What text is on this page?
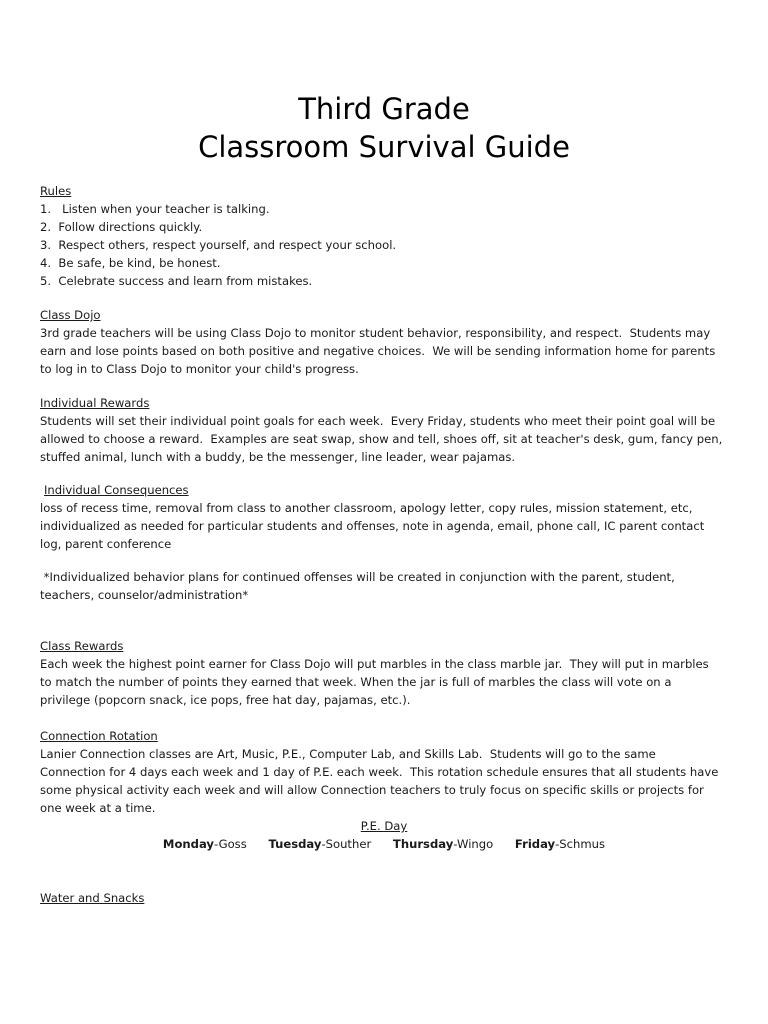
Third Grade
Classroom Survival Guide

Rules

1.   Listen when your teacher is talking.

2.  Follow directions quickly.

3.  Respect others, respect yourself, and respect your school.

4.  Be safe, be kind, be honest.

5.  Celebrate success and learn from mistakes.

Class Dojo

3rd grade teachers will be using Class Dojo to monitor student behavior, responsibility, and respect.  Students may

earn and lose points based on both positive and negative choices.  We will be sending information home for parents

to log in to Class Dojo to monitor your child's progress.

Individual Rewards

Students will set their individual point goals for each week.  Every Friday, students who meet their point goal will be

allowed to choose a reward.  Examples are seat swap, show and tell, shoes off, sit at teacher's desk, gum, fancy pen,

stuffed animal, lunch with a buddy, be the messenger, line leader, wear pajamas.

Individual Consequences

loss of recess time, removal from class to another classroom, apology letter, copy rules, mission statement, etc,

individualized as needed for particular students and offenses, note in agenda, email, phone call, IC parent contact

log, parent conference

*Individualized behavior plans for continued offenses will be created in conjunction with the parent, student,

teachers, counselor/administration*

Class Rewards

Each week the highest point earner for Class Dojo will put marbles in the class marble jar.  They will put in marbles

to match the number of points they earned that week. When the jar is full of marbles the class will vote on a

privilege (popcorn snack, ice pops, free hat day, pajamas, etc.).

Connection Rotation

Lanier Connection classes are Art, Music, P.E., Computer Lab, and Skills Lab.  Students will go to the same

Connection for 4 days each week and 1 day of P.E. each week.  This rotation schedule ensures that all students have

some physical activity each week and will allow Connection teachers to truly focus on specific skills or projects for

one week at a time.

Water and Snacks

P.E. Day
Monday-Goss Tuesday-Souther Thursday-Wingo Friday-Schmus
